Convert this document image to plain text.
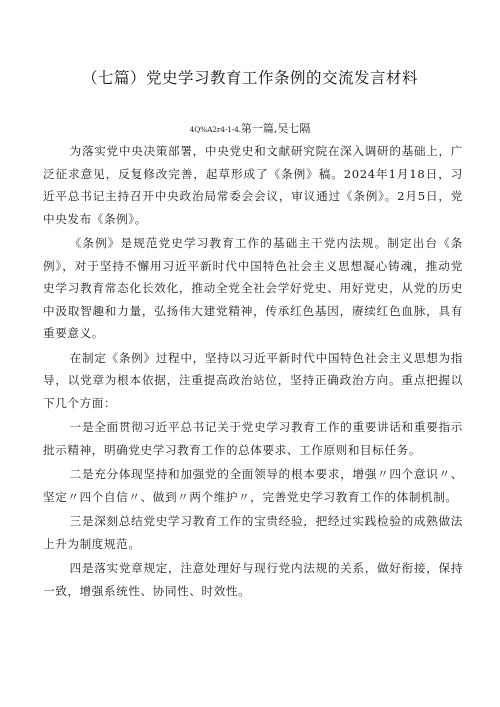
（七篇）党史学习教育工作条例的交流发言材料
4Q%A2r4-1-4.第一篇,吴七隔

为落实党中央决策部署，中央党史和文献研究院在深入调研的基础上，广泛征求意见，反复修改完善，起草形成了《条例》稿。2024年1月18日，习近平总书记主持召开中央政治局常委会会议，审议通过《条例》。2月5日，党中央发布《条例》。

《条例》是规范党史学习教育工作的基础主干党内法规。制定出台《条例》，对于坚持不懈用习近平新时代中国特色社会主义思想凝心铸魂，推动党史学习教育常态化长效化，推动全党全社会学好党史、用好党史，从党的历史中汲取智趣和力量，弘扬伟大建党精神，传承红色基因，赓续红色血脉，具有重要意义。

在制定《条例》过程中，坚持以习近平新时代中国特色社会主义思想为指导，以党章为根本依据，注重提高政治站位，坚持正确政治方向。重点把握以下几个方面：

一是全面贯彻习近平总书记关于党史学习教育工作的重要讲话和重要指示批示精神，明确党史学习教育工作的总体要求、工作原则和目标任务。

二是充分体现坚持和加强党的全面领导的根本要求，增强〃四个意识〃、坚定〃四个自信〃、做到〃两个维护〃，完善党史学习教育工作的体制机制。

三是深刻总结党史学习教育工作的宝贵经验，把经过实践检验的成熟做法上升为制度规范。

四是落实党章规定，注意处理好与现行党内法规的关系，做好衔接，保持一致，增强系统性、协同性、时效性。
